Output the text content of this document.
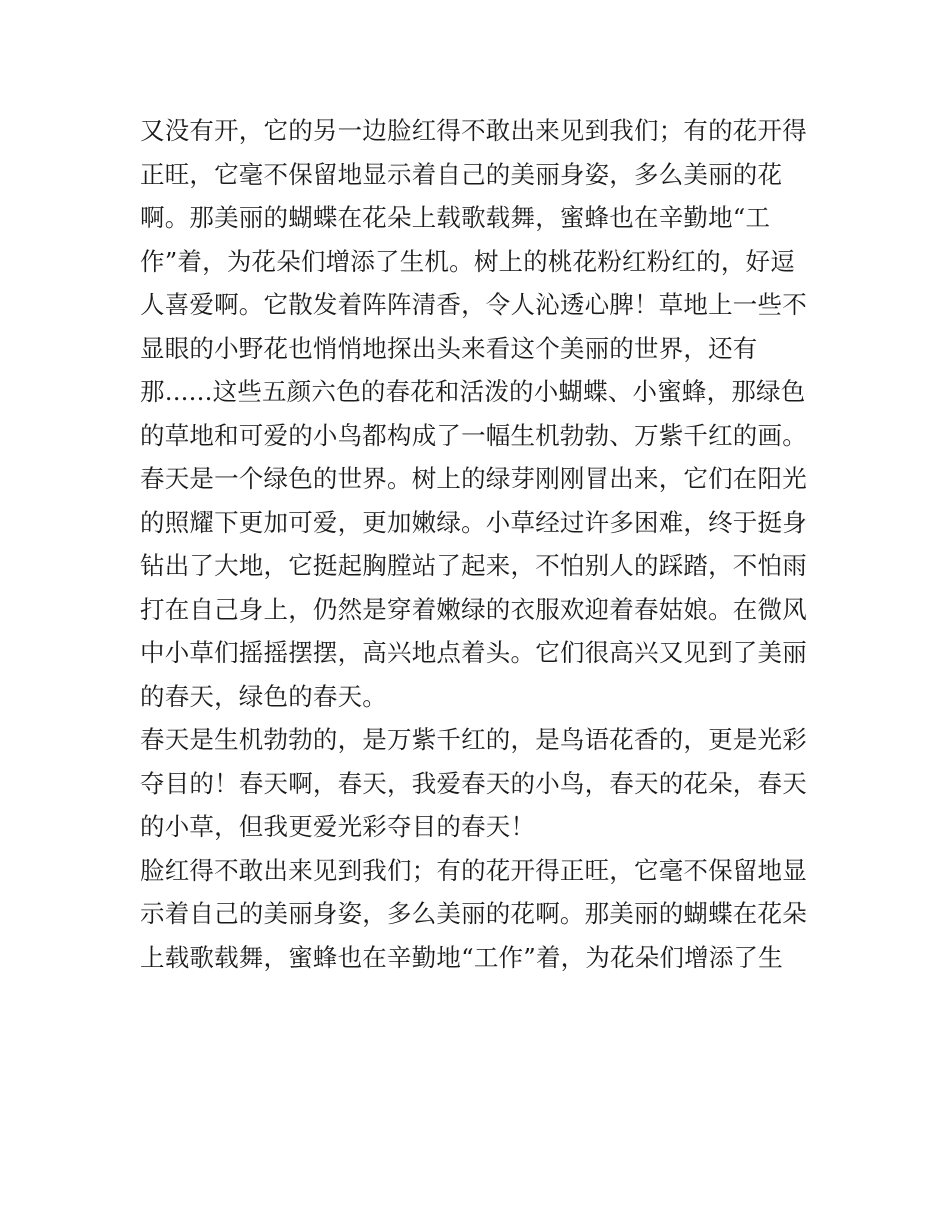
又没有开，它的另一边脸红得不敢出来见到我们；有的花开得
正旺，它毫不保留地显示着自己的美丽身姿，多么美丽的花
啊。那美丽的蝴蝶在花朵上载歌载舞，蜜蜂也在辛勤地“工
作”着，为花朵们增添了生机。树上的桃花粉红粉红的，好逗
人喜爱啊。它散发着阵阵清香，令人沁透心脾！草地上一些不
显眼的小野花也悄悄地探出头来看这个美丽的世界，还有
那......这些五颜六色的春花和活泼的小蝴蝶、小蜜蜂，那绿色
的草地和可爱的小鸟都构成了一幅生机勃勃、万紫千红的画。
春天是一个绿色的世界。树上的绿芽刚刚冒出来，它们在阳光
的照耀下更加可爱，更加嫩绿。小草经过许多困难，终于挺身
钻出了大地，它挺起胸膛站了起来，不怕别人的踩踏，不怕雨
打在自己身上，仍然是穿着嫩绿的衣服欢迎着春姑娘。在微风
中小草们摇摇摆摆，高兴地点着头。它们很高兴又见到了美丽
的春天，绿色的春天。
春天是生机勃勃的，是万紫千红的，是鸟语花香的，更是光彩
夺目的！春天啊，春天，我爱春天的小鸟，春天的花朵，春天
的小草，但我更爱光彩夺目的春天！
脸红得不敢出来见到我们；有的花开得正旺，它毫不保留地显
示着自己的美丽身姿，多么美丽的花啊。那美丽的蝴蝶在花朵
上载歌载舞，蜜蜂也在辛勤地“工作”着，为花朵们增添了生
